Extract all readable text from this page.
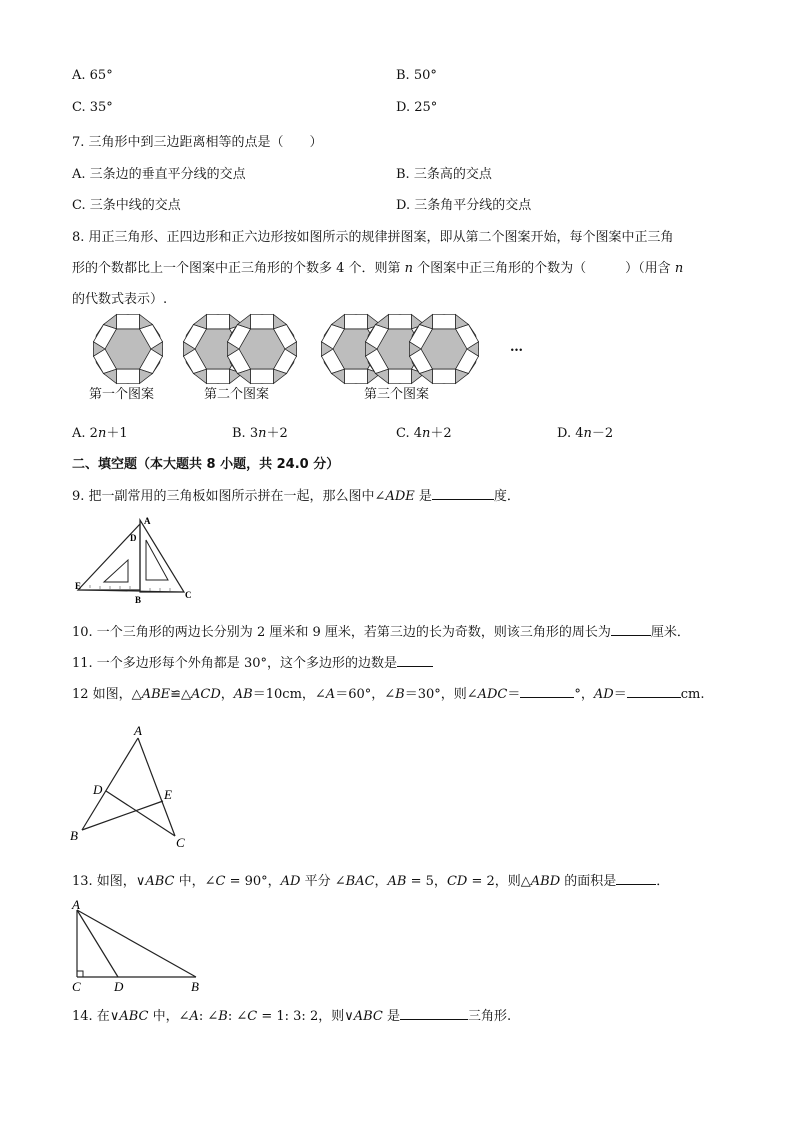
A. 65°	B. 50°
C. 35°	D. 25°
7. 三角形中到三边距离相等的点是（　　）
A. 三条边的垂直平分线的交点	B. 三条高的交点
C. 三条中线的交点	D. 三条角平分线的交点
8. 用正三角形、正四边形和正六边形按如图所示的规律拼图案，即从第二个图案开始，每个图案中正三角
形的个数都比上一个图案中正三角形的个数多 4 个．则第 n 个图案中正三角形的个数为（　　　）（用含 n
的代数式表示）.
…
第一个图案	第二个图案	第三个图案
A. 2n＋1	B. 3n＋2	C. 4n＋2	D. 4n－2
二、填空题（本大题共 8 小题，共 24.0 分）
9. 把一副常用的三角板如图所示拼在一起，那么图中∠ADE 是	度．
A
D
E
B	C
10. 一个三角形的两边长分别为 2 厘米和 9 厘米，若第三边的长为奇数，则该三角形的周长为	厘米．
11. 一个多边形每个外角都是 30°，这个多边形的边数是
12 如图，△ABE≌△ACD，AB＝10cm，∠A＝60°，∠B＝30°，则∠ADC＝	°，AD＝	cm.
A
B	C
D	E
13. 如图，∨ABC 中，∠C = 90°，AD 平分 ∠BAC，AB = 5，CD = 2，则△ABD 的面积是	．
A
C	D	B
14. 在∨ABC 中，∠A: ∠B: ∠C = 1: 3: 2，则∨ABC 是	三角形.
